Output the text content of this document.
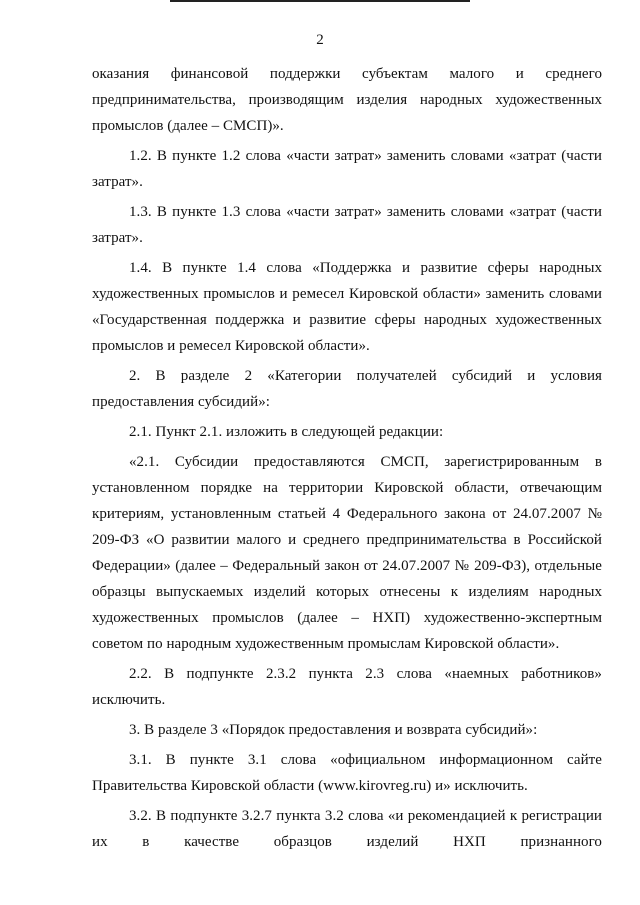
2

оказания финансовой поддержки субъектам малого и среднего предпринимательства, производящим изделия народных художественных промыслов (далее – СМСП)».

1.2. В пункте 1.2 слова «части затрат» заменить словами «затрат (части затрат».

1.3. В пункте 1.3 слова «части затрат» заменить словами «затрат (части затрат».

1.4. В пункте 1.4 слова «Поддержка и развитие сферы народных художественных промыслов и ремесел Кировской области» заменить словами «Государственная поддержка и развитие сферы народных художественных промыслов и ремесел Кировской области».

2. В разделе 2 «Категории получателей субсидий и условия предоставления субсидий»:

2.1. Пункт 2.1. изложить в следующей редакции:

«2.1. Субсидии предоставляются СМСП, зарегистрированным в установленном порядке на территории Кировской области, отвечающим критериям, установленным статьей 4 Федерального закона от 24.07.2007 № 209-ФЗ «О развитии малого и среднего предпринимательства в Российской Федерации» (далее – Федеральный закон от 24.07.2007 № 209-ФЗ), отдельные образцы выпускаемых изделий которых отнесены к изделиям народных художественных промыслов (далее – НХП) художественно-экспертным советом по народным художественным промыслам Кировской области».

2.2. В подпункте 2.3.2 пункта 2.3 слова «наемных работников» исключить.

3. В разделе 3 «Порядок предоставления и возврата субсидий»:

3.1. В пункте 3.1 слова «официальном информационном сайте Правительства Кировской области (www.kirovreg.ru) и» исключить.

3.2. В подпункте 3.2.7 пункта 3.2 слова «и рекомендацией к регистрации их в качестве образцов изделий НХП признанного
